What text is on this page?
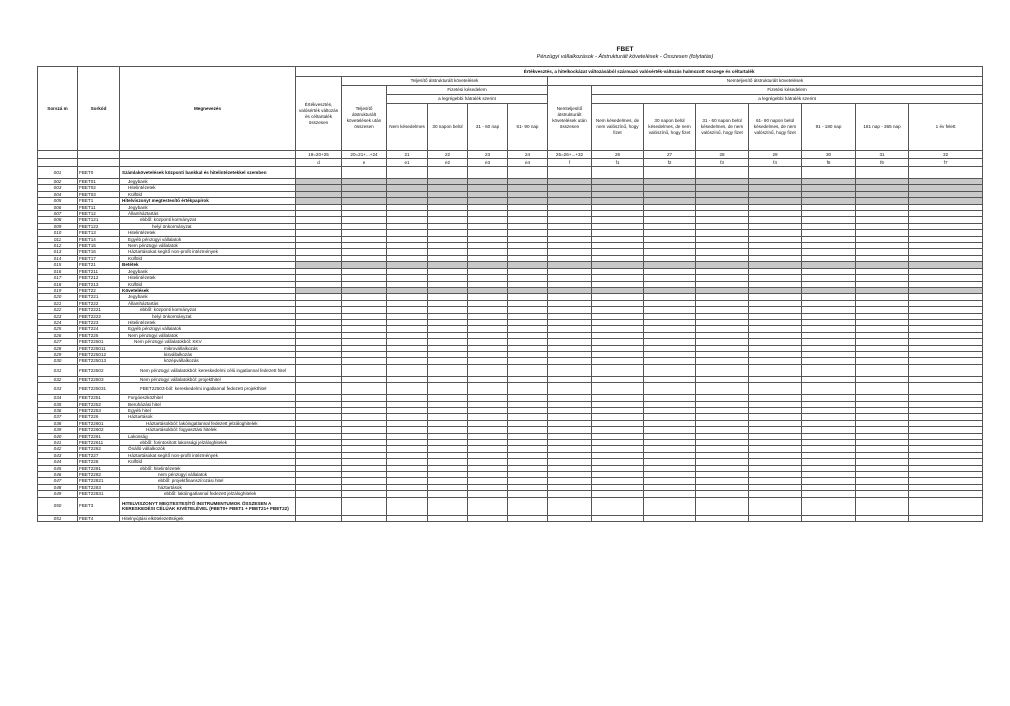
FBET
Pénzügyi vállalkozások - Átstrukturált követelések - Összesen (folytatás)
Sorszá m	Sorkód	Megnevezés	Értékvesztés, a hitelkockázat változásából származó valósérték-változás halmozott összege és céltartalék													
			Értékvesztés, valósérték változás és céltartalék összesen	Teljesítő átstrukturált követelések					Nemteljesítő átstrukturált követelések							
				Teljesítő átstrukturált követelések után összesen	Fizetési késedelem				Nemteljesítő átstrukturált követelések után összesen	Fizetési késedelem						
					a legrégebbi hátralék szerint					a legrégebbi hátralék szerint						
					Nem késedelmes	30 napon belül	31 - 60 nap	61- 90 nap		Nem késedelmes, de nem valószínű, hogy fizet	30 napon belül késedelmes, de nem valószínű, hogy fizet	31 - 60 napon belül késedelmes, de nem valószínű, hogy fizet	61- 90 napon belül késedelmes, de nem valószínű, hogy fizet	91 - 180 nap	181 nap - 365 nap	1 év felett
			19=20+25	20=21+...+24	21	22	23	24	25=26+...+32	26	27	28	29	30	31	32
			d	e	e1	e2	e3	e4	f	f1	f2	f3	f4	f5	f6	f7
001	FBET0	Számlakövetelések központi bankkal és hitelintézetekkel szemben														
002	FBET01	Jegybank														
003	FBET02	Hitelintézetek														
004	FBET03	Külföld														
005	FBET1	Hitelviszonyt megtestesítő értékpapírok														
006	FBET11	Jegybank														
007	FBET12	Államháztartás														
008	FBET121	ebből: központi kormányzat														
009	FBET122	helyi önkormányzat														
010	FBET13	Hitelintézetek														
011	FBET14	Egyéb pénzügyi vállalatok														
012	FBET15	Nem pénzügyi vállalatok														
013	FBET16	Háztartásokat segítő non-profit intézmények														
014	FBET17	Külföld														
015	FBET21	Betétek														
016	FBET211	Jegybank														
017	FBET212	Hitelintézetek														
018	FBET213	Külföld														
019	FBET22	Követelések														
020	FBET221	Jegybank														
021	FBET222	Államháztartás														
022	FBET2221	ebből: központi kormányzat														
023	FBET2222	helyi önkormányzat														
024	FBET223	Hitelintézetek														
025	FBET224	Egyéb pénzügyi vállalatok														
026	FBET225	Nem pénzügyi vállalatok														
027	FBET22501	Nem pénzügyi vállalatokból: KKV														
028	FBET225011	mikrovállalkozás														
029	FBET225012	kisvállalkozás														
030	FBET225013	középvállalkozás														
031	FBET22502	Nem pénzügyi vállalatokból: kereskedelmi célú ingatlannal fedezett hitel														
032	FBET22503	Nem pénzügyi vállalatokból: projekthitel														
033	FBET225031	FBET22503-ból: kereskedelmi ingatlannal fedezett projekthitel														
034	FBET2251	Forgóeszközhitel														
035	FBET2252	Beruházási hitel														
036	FBET2253	Egyéb hitel														
037	FBET226	Háztartások														
038	FBET22601	Háztartásokból: lakóingatlannal fedezett jelzáloghitelek														
039	FBET22602	Háztartásokból: fogyasztási hitelek														
040	FBET2261	Lakosság														
041	FBET22611	ebből: forintosított lakossági jelzáloghitelek														
042	FBET2262	Önálló vállalkozók														
043	FBET227	Háztartásokat segítő non-profit intézmények														
044	FBET228	Külföld														
045	FBET2281	ebből: hitelintézetek														
046	FBET2282	nem pénzügyi vállalatok														
047	FBET22821	ebből: projektfinanszírozási hitel														
048	FBET2283	háztartások														
049	FBET22831	ebből: lakóingatlannal fedezett jelzáloghitelek														
050	FBET3	HITELVISZONYT MEGTESTESÍTŐ INSTRUMENTUMOK ÖSSZESEN A KERESKEDÉSI CÉLÚAK KIVÉTELÉVEL (FBET0+ FBET1 + FBET21+ FBET22)														
051	FBET4	Hitelnyújtási elkötelezettségek														
